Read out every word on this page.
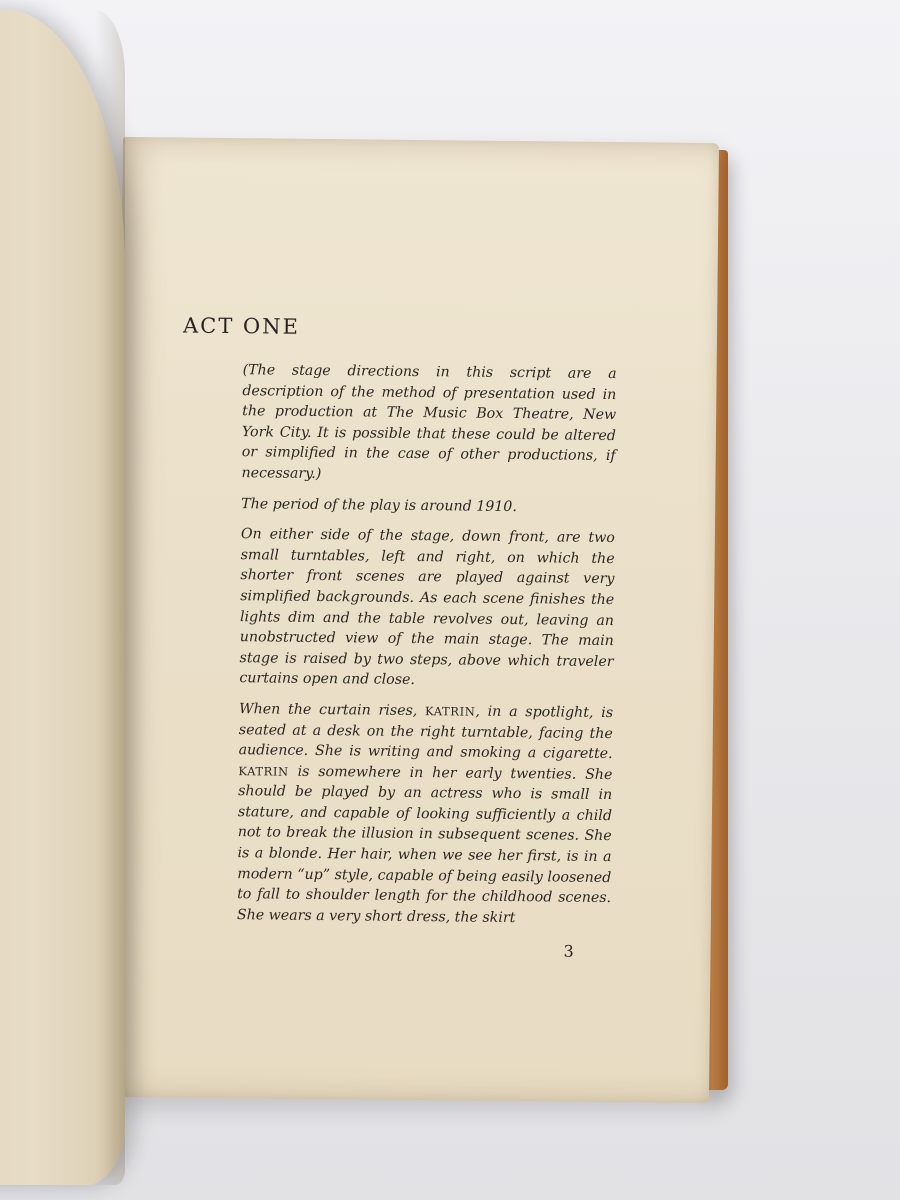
ACT ONE

(The stage directions in this script are a description of the method of presentation used in the production at The Music Box Theatre, New York City. It is possible that these could be altered or simplified in the case of other productions, if necessary.)

The period of the play is around 1910.

On either side of the stage, down front, are two small turntables, left and right, on which the shorter front scenes are played against very simplified backgrounds. As each scene finishes the lights dim and the table revolves out, leaving an unobstructed view of the main stage. The main stage is raised by two steps, above which traveler curtains open and close.

When the curtain rises, KATRIN, in a spotlight, is seated at a desk on the right turntable, facing the audience. She is writing and smoking a cigarette. KATRIN is somewhere in her early twenties. She should be played by an actress who is small in stature, and capable of looking sufficiently a child not to break the illusion in subsequent scenes. She is a blonde. Her hair, when we see her first, is in a modern “up” style, capable of being easily loosened to fall to shoulder length for the childhood scenes. She wears a very short dress, the skirt

3
